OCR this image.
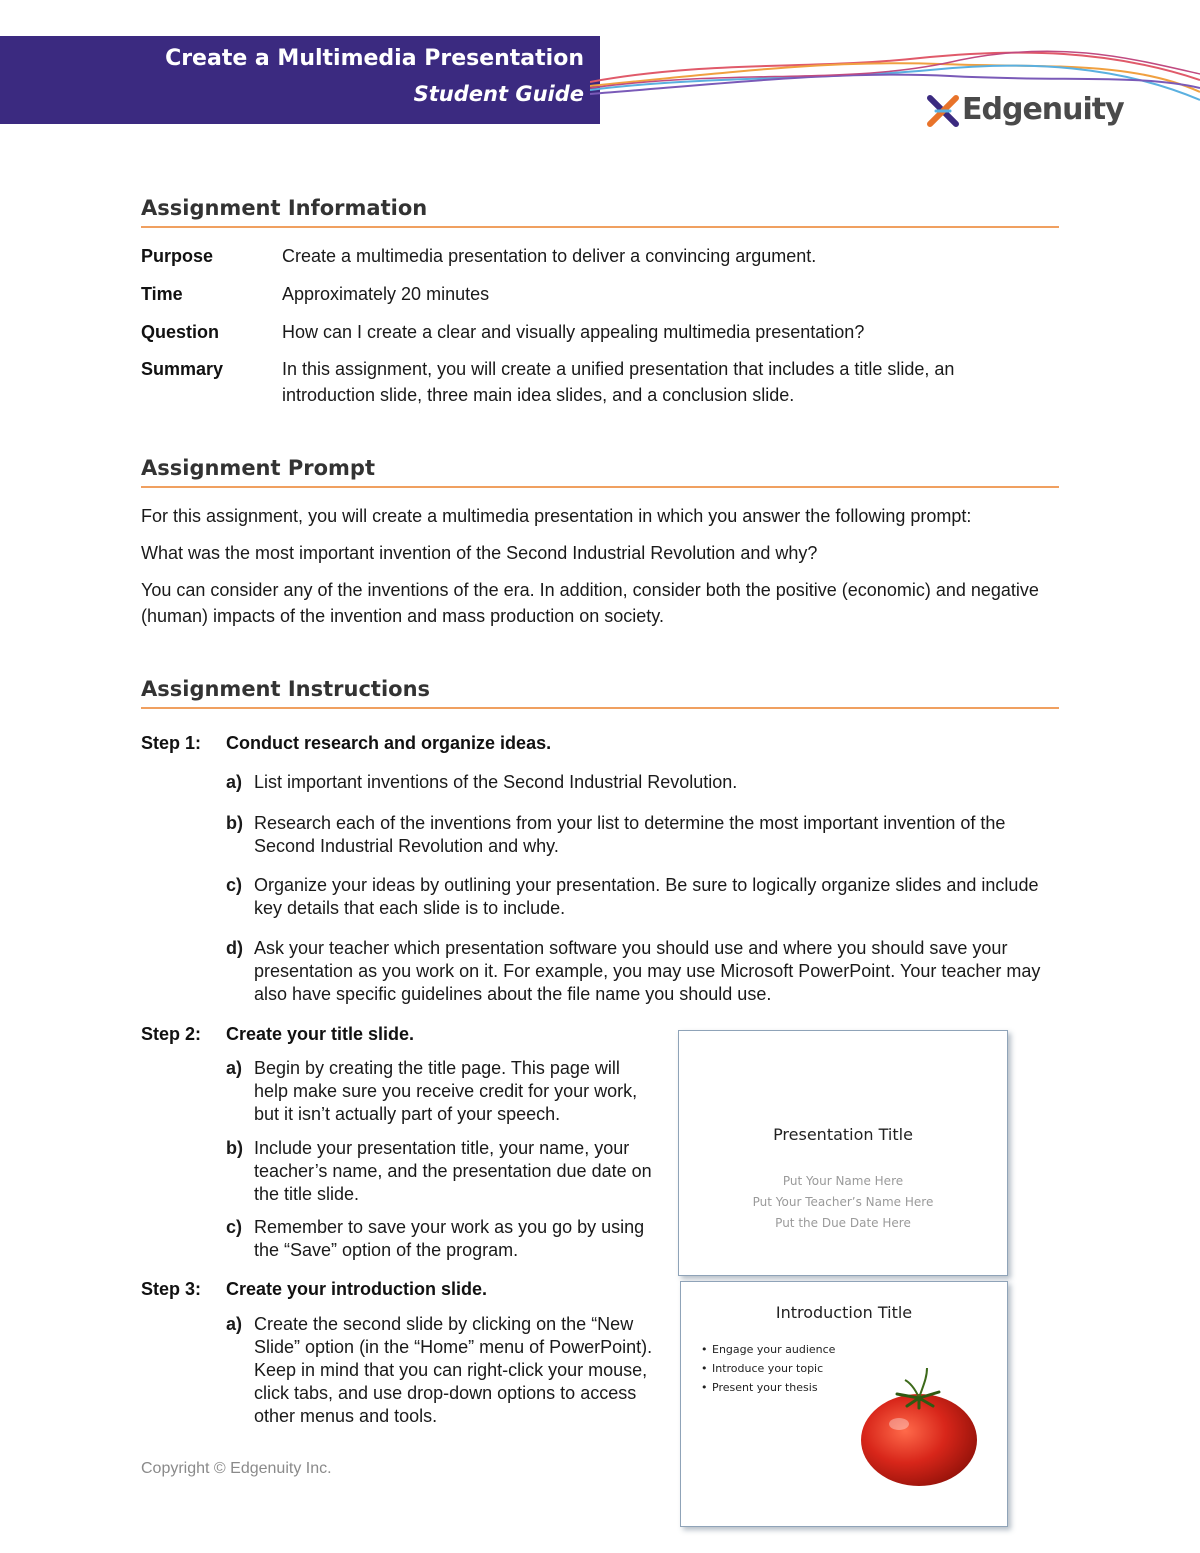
Create a Multimedia Presentation
Student Guide	Edgenuity
Assignment Information
Purpose	Create a multimedia presentation to deliver a convincing argument.
Time	Approximately 20 minutes
Question	How can I create a clear and visually appealing multimedia presentation?
Summary	In this assignment, you will create a unified presentation that includes a title slide, an introduction slide, three main idea slides, and a conclusion slide.
Assignment Prompt
For this assignment, you will create a multimedia presentation in which you answer the following prompt:
What was the most important invention of the Second Industrial Revolution and why?
You can consider any of the inventions of the era. In addition, consider both the positive (economic) and negative (human) impacts of the invention and mass production on society.
Assignment Instructions
Step 1: Conduct research and organize ideas.
a) List important inventions of the Second Industrial Revolution.
b) Research each of the inventions from your list to determine the most important invention of the Second Industrial Revolution and why.
c) Organize your ideas by outlining your presentation. Be sure to logically organize slides and include key details that each slide is to include.
d) Ask your teacher which presentation software you should use and where you should save your presentation as you work on it. For example, you may use Microsoft PowerPoint. Your teacher may also have specific guidelines about the file name you should use.
Step 2: Create your title slide.
a) Begin by creating the title page. This page will help make sure you receive credit for your work, but it isn’t actually part of your speech.
b) Include your presentation title, your name, your teacher’s name, and the presentation due date on the title slide.
c) Remember to save your work as you go by using the “Save” option of the program.
Step 3: Create your introduction slide.
a) Create the second slide by clicking on the “New Slide” option (in the “Home” menu of PowerPoint). Keep in mind that you can right-click your mouse, click tabs, and use drop-down options to access other menus and tools.
Copyright © Edgenuity Inc.
Presentation Title
Put Your Name Here
Put Your Teacher’s Name Here
Put the Due Date Here
Introduction Title
• Engage your audience
• Introduce your topic
• Present your thesis
